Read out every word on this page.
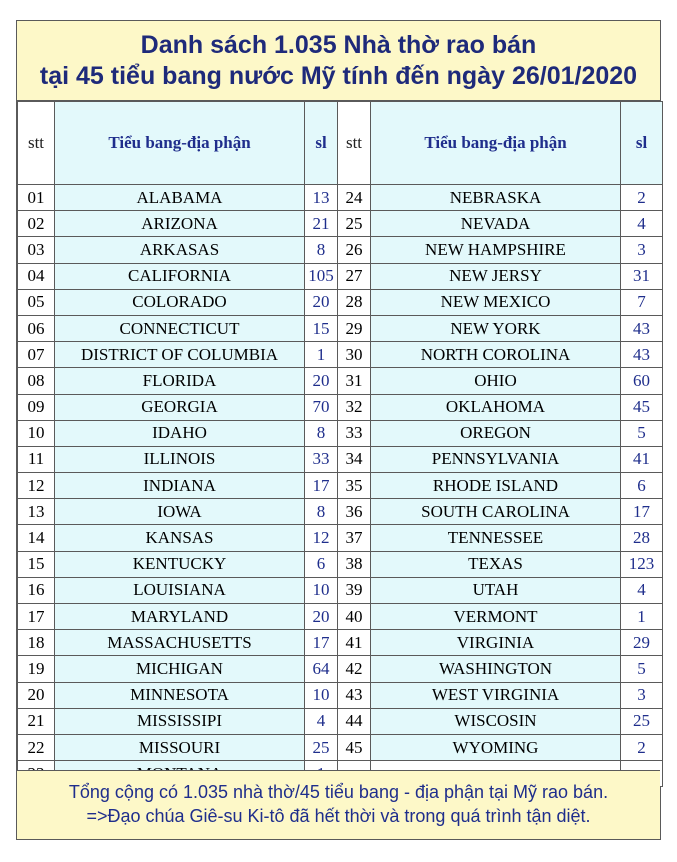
Danh sách 1.035 Nhà thờ rao bán
tại 45 tiểu bang nước Mỹ tính đến ngày 26/01/2020
stt	Tiểu bang-địa phận	sl	stt	Tiểu bang-địa phận	sl
01	ALABAMA	13	24	NEBRASKA	2
02	ARIZONA	21	25	NEVADA	4
03	ARKASAS	8	26	NEW HAMPSHIRE	3
04	CALIFORNIA	105	27	NEW JERSY	31
05	COLORADO	20	28	NEW MEXICO	7
06	CONNECTICUT	15	29	NEW YORK	43
07	DISTRICT OF COLUMBIA	1	30	NORTH COROLINA	43
08	FLORIDA	20	31	OHIO	60
09	GEORGIA	70	32	OKLAHOMA	45
10	IDAHO	8	33	OREGON	5
11	ILLINOIS	33	34	PENNSYLVANIA	41
12	INDIANA	17	35	RHODE ISLAND	6
13	IOWA	8	36	SOUTH CAROLINA	17
14	KANSAS	12	37	TENNESSEE	28
15	KENTUCKY	6	38	TEXAS	123
16	LOUISIANA	10	39	UTAH	4
17	MARYLAND	20	40	VERMONT	1
18	MASSACHUSETTS	17	41	VIRGINIA	29
19	MICHIGAN	64	42	WASHINGTON	5
20	MINNESOTA	10	43	WEST VIRGINIA	3
21	MISSISSIPI	4	44	WISCOSIN	25
22	MISSOURI	25	45	WYOMING	2

Tổng cộng có 1.035 nhà thờ/45 tiểu bang - địa phận tại Mỹ rao bán.
=>Đạo chúa Giê-su Ki-tô đã hết thời và trong quá trình tận diệt.
